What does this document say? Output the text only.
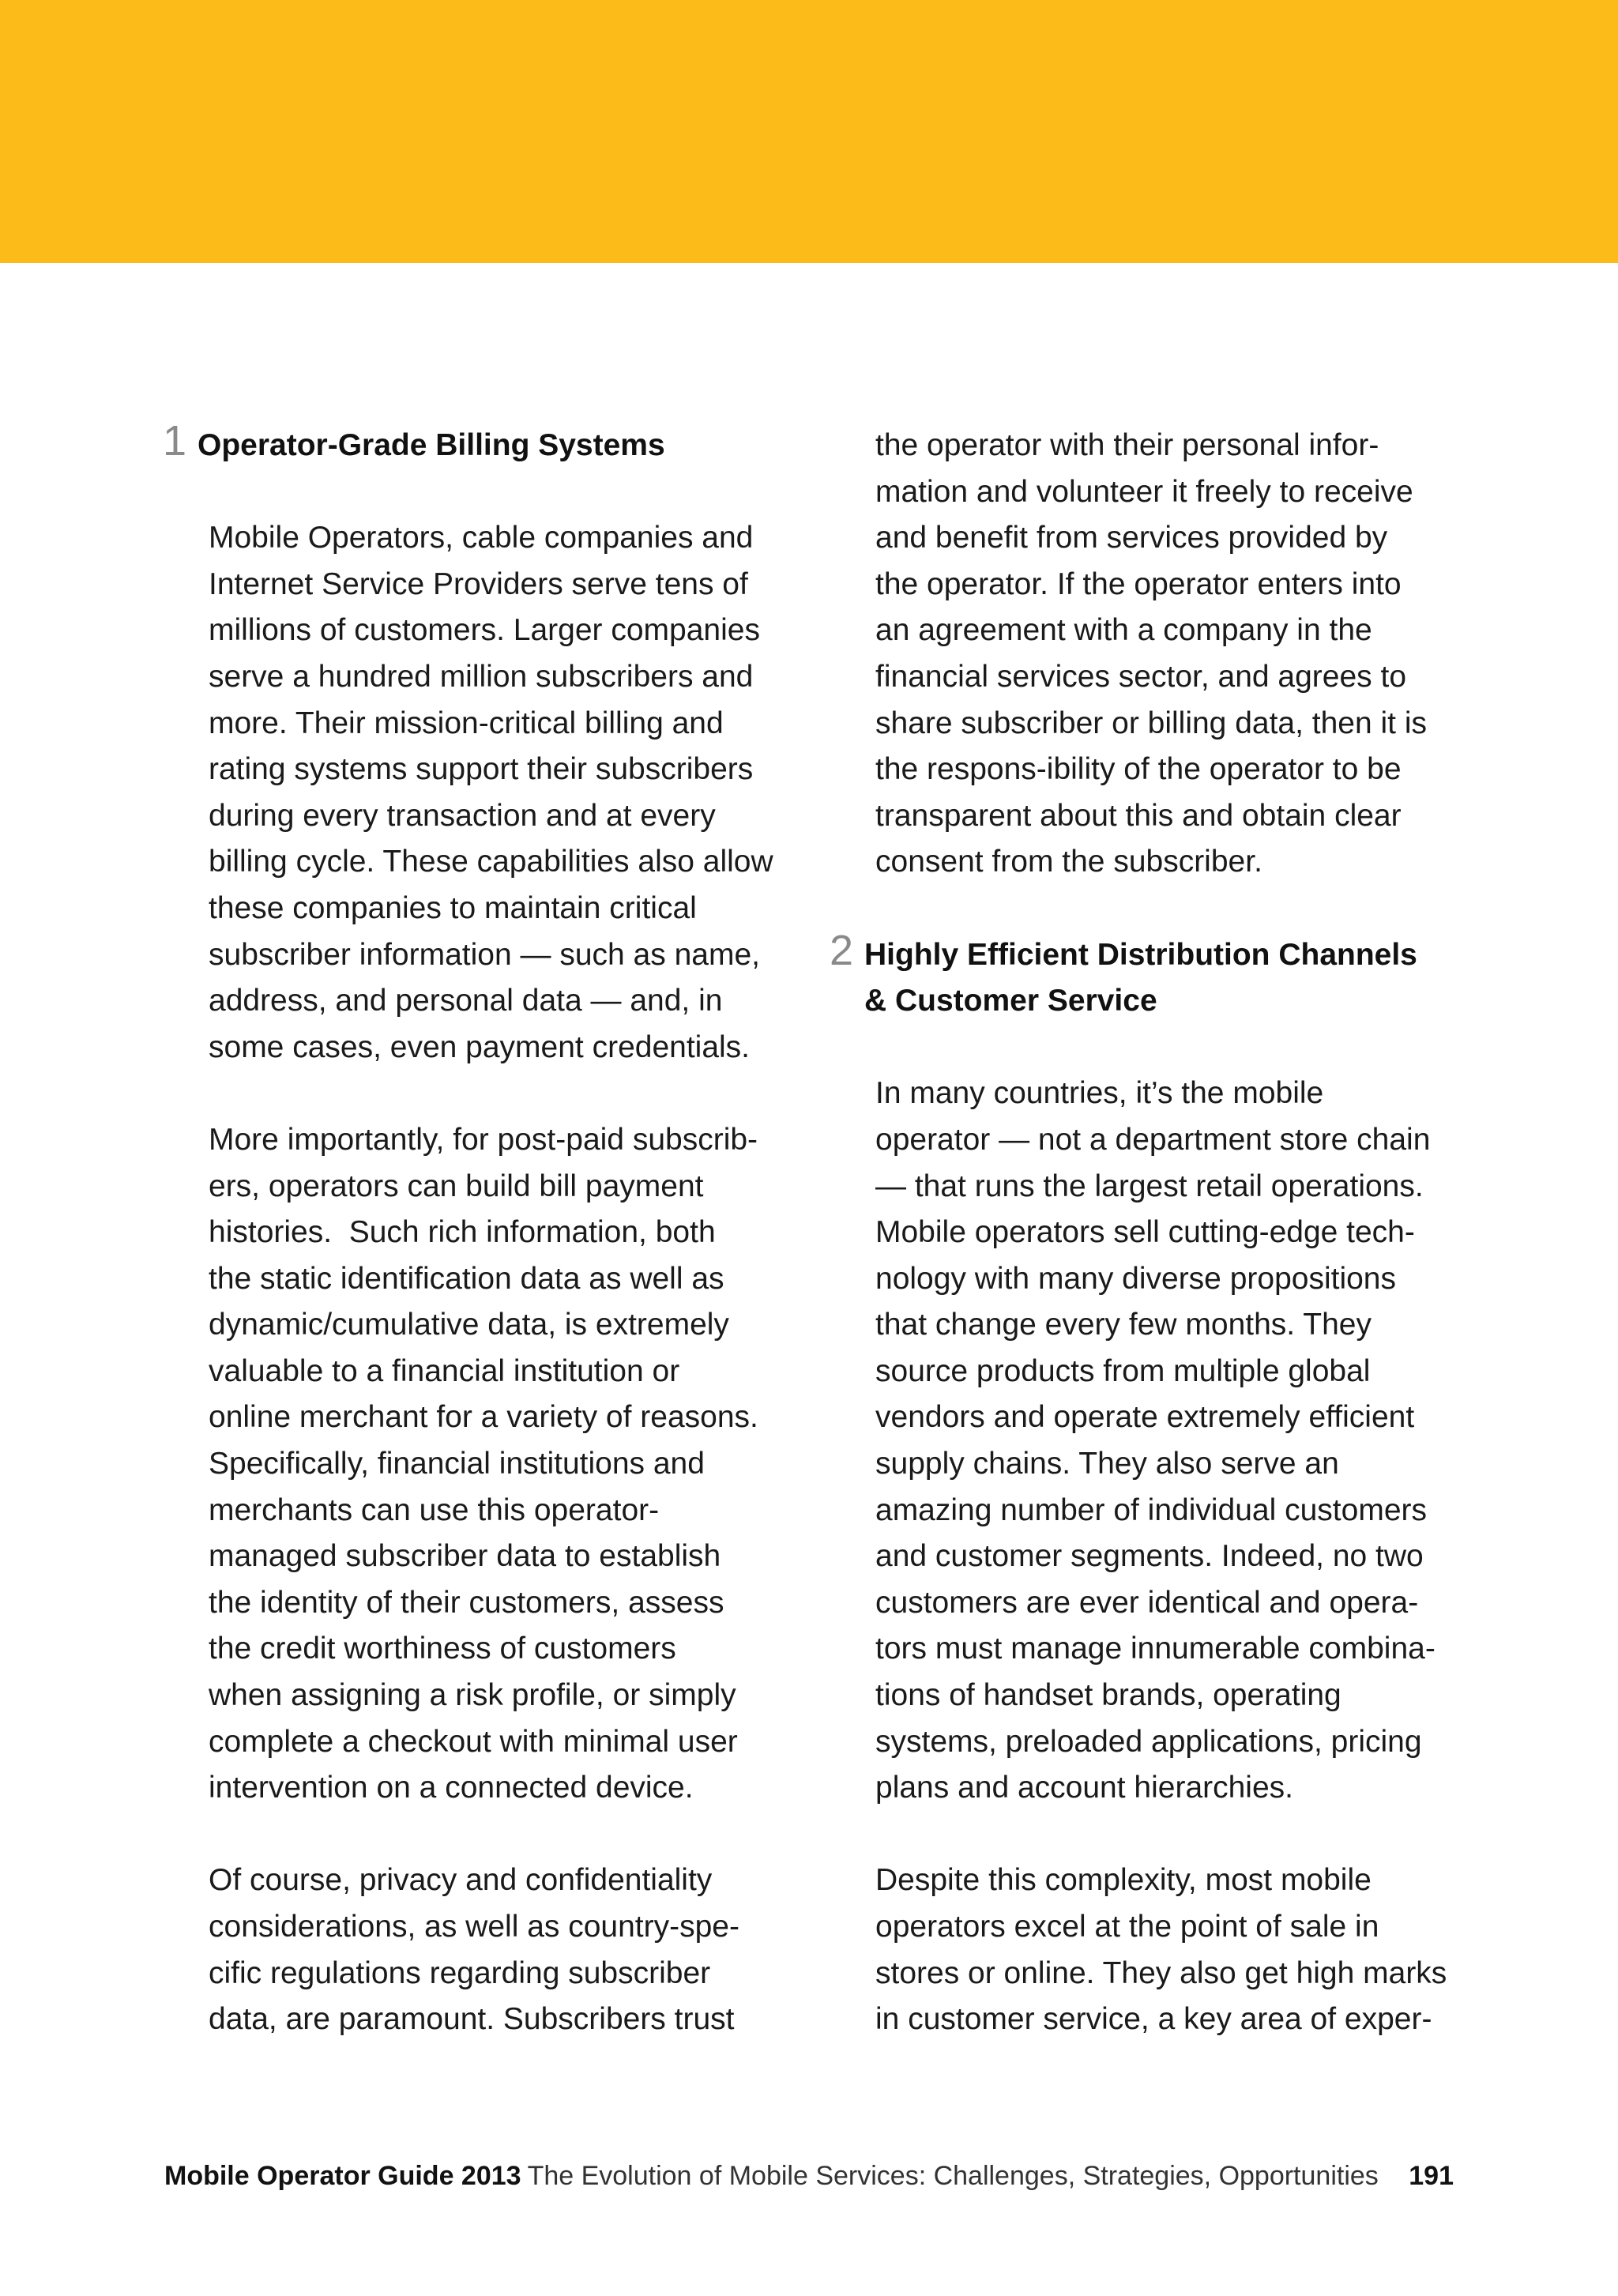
1 Operator-Grade Billing Systems
Mobile Operators, cable companies and
Internet Service Providers serve tens of
millions of customers. Larger companies
serve a hundred million subscribers and
more. Their mission-critical billing and
rating systems support their subscribers
during every transaction and at every
billing cycle. These capabilities also allow
these companies to maintain critical
subscriber information — such as name,
address, and personal data — and, in
some cases, even payment credentials.
More importantly, for post-paid subscrib-
ers, operators can build bill payment
histories.  Such rich information, both
the static identification data as well as
dynamic/cumulative data, is extremely
valuable to a financial institution or
online merchant for a variety of reasons.
Specifically, financial institutions and
merchants can use this operator-
managed subscriber data to establish
the identity of their customers, assess
the credit worthiness of customers
when assigning a risk profile, or simply
complete a checkout with minimal user
intervention on a connected device.
Of course, privacy and confidentiality
considerations, as well as country-spe-
cific regulations regarding subscriber
data, are paramount. Subscribers trust
the operator with their personal infor-
mation and volunteer it freely to receive
and benefit from services provided by
the operator. If the operator enters into
an agreement with a company in the
financial services sector, and agrees to
share subscriber or billing data, then it is
the respons-ibility of the operator to be
transparent about this and obtain clear
consent from the subscriber.
2 Highly Efficient Distribution Channels
& Customer Service
In many countries, it’s the mobile
operator — not a department store chain
— that runs the largest retail operations.
Mobile operators sell cutting-edge tech-
nology with many diverse propositions
that change every few months. They
source products from multiple global
vendors and operate extremely efficient
supply chains. They also serve an
amazing number of individual customers
and customer segments. Indeed, no two
customers are ever identical and opera-
tors must manage innumerable combina-
tions of handset brands, operating
systems, preloaded applications, pricing
plans and account hierarchies.
Despite this complexity, most mobile
operators excel at the point of sale in
stores or online. They also get high marks
in customer service, a key area of exper-
Mobile Operator Guide 2013 The Evolution of Mobile Services: Challenges, Strategies, Opportunities 191
